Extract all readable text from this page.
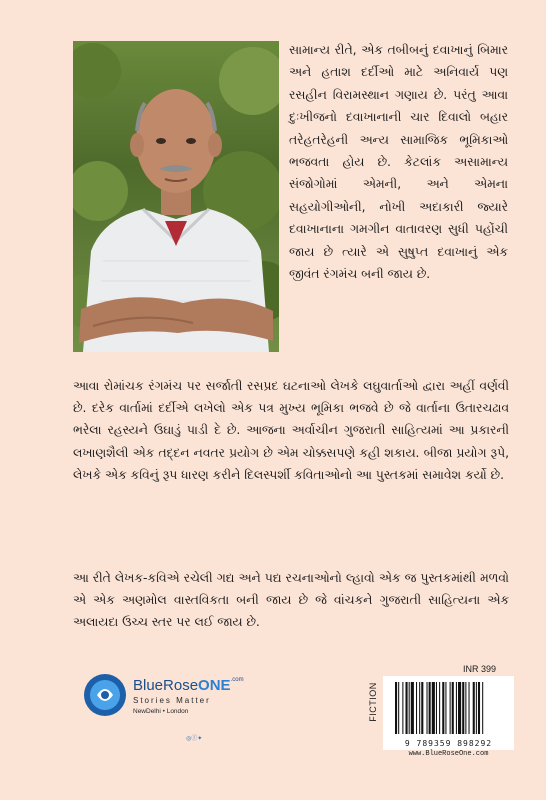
સામાન્ય રીતે, એક તબીબનું દવાખાનું બિમાર અને હતાશ દર્દીઓ માટે અનિવાર્ય પણ રસહીન વિરામસ્થાન ગણાય છે. પરંતુ આવા દુઃખીજનો દવાખાનાની ચાર દિવાલો બહાર તરેહતરેહની અન્ય સામાજિક ભૂમિકાઓ ભજવતા હોય છે. કેટલાંક અસામાન્ય સંજોગોમાં એમની, અને એમના સહયોગીઓની, નોખી અદાકારી જ્યારે દવાખાનાના ગમગીન વાતાવરણ સુધી પહોંચી જાય છે ત્યારે એ સુષુપ્ત દવાખાનું એક જીવંત રંગમંચ બની જાય છે.

આવા રોમાંચક રંગમંચ પર સર્જાતી રસપ્રદ ઘટનાઓ લેખકે લઘુવાર્તાઓ દ્વારા અહીં વર્ણવી છે. દરેક વાર્તામાં દર્દીએ લખેલો એક પત્ર મુખ્ય ભૂમિકા ભજવે છે જે વાર્તાના ઉતારચઢાવ ભરેલા રહસ્યને ઉઘાડું પાડી દે છે. આજના અર્વાચીન ગુજરાતી સાહિત્યમાં આ પ્રકારની લખાણશૈલી એક તદ્દન નવતર પ્રયોગ છે એમ ચોક્કસપણે કહી શકાય. બીજા પ્રયોગ રૂપે, લેખકે એક કવિનું રૂપ ધારણ કરીને દિલસ્પર્શી કવિતાઓનો આ પુસ્તકમાં સમાવેશ કર્યો છે.

આ રીતે લેખક-કવિએ રચેલી ગદ્ય અને પદ્ય રચનાઓનો લ્હાવો એક જ પુસ્તકમાંથી મળવો એ એક અણમોલ વાસ્તવિકતા બની જાય છે જે વાંચકને ગુજરાતી સાહિત્યના એક અલાયદા ઉચ્ચ સ્તર પર લઈ જાય છે.

BlueRoseONE$^{.com}$
Stories Matter
NewDelhi • London
◎ⓕ✦
INR 399
FICTION
9 789359 898292
www.BlueRoseOne.com
